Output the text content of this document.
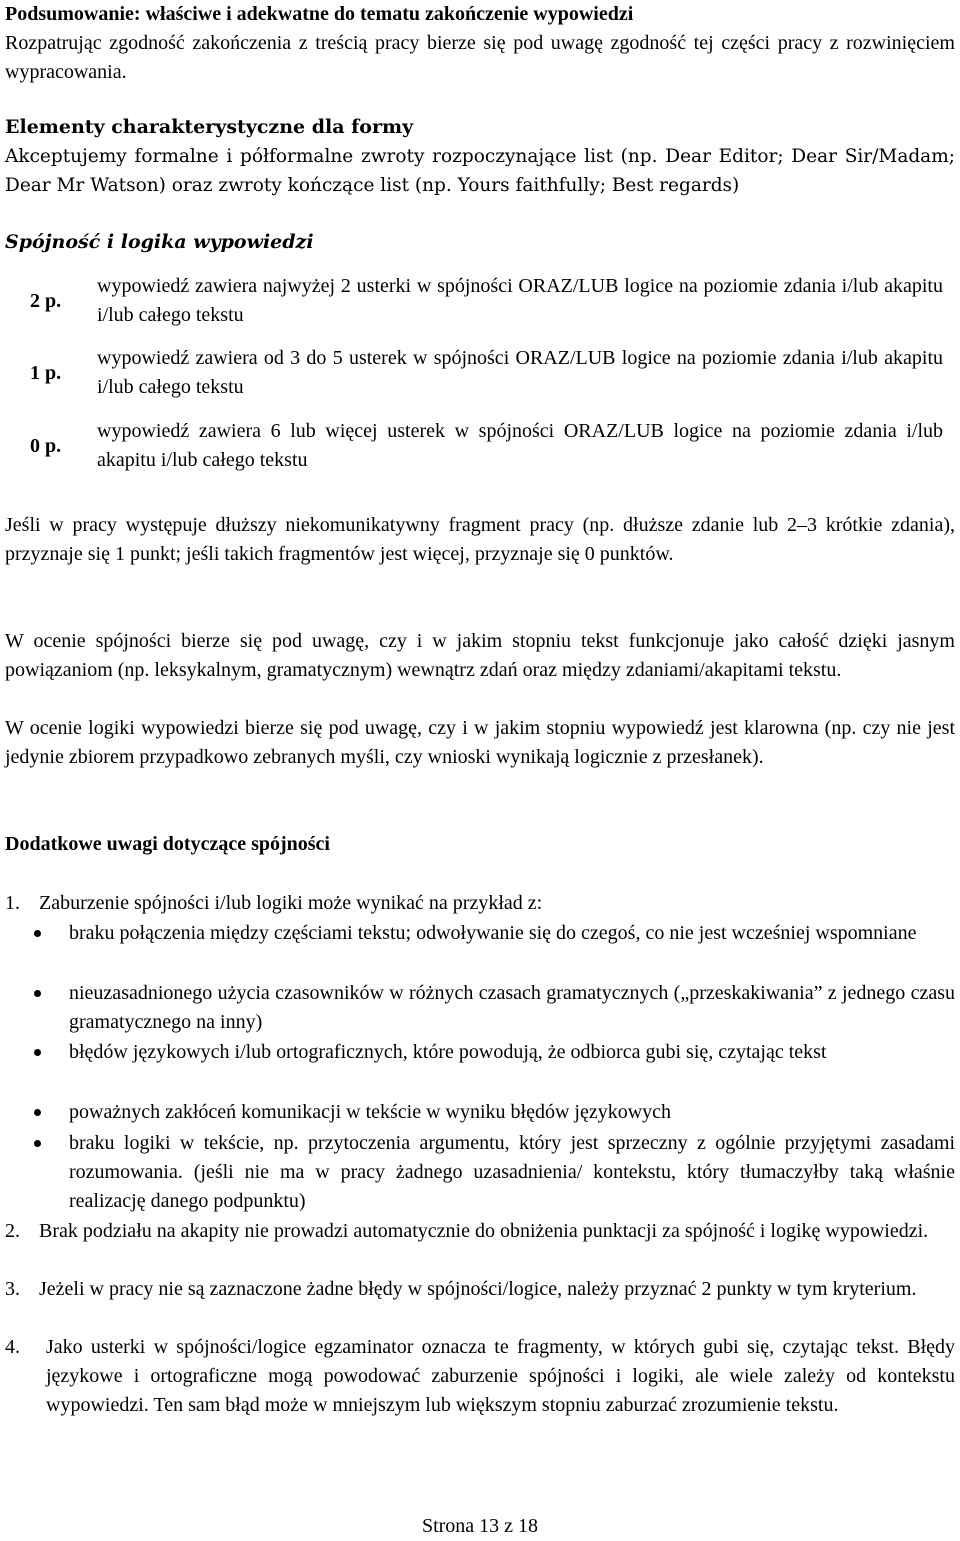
Podsumowanie: właściwe i adekwatne do tematu zakończenie wypowiedzi

Rozpatrując zgodność zakończenia z treścią pracy bierze się pod uwagę zgodność tej części pracy z rozwinięciem wypracowania.

Elementy charakterystyczne dla formy

Akceptujemy formalne i półformalne zwroty rozpoczynające list (np. Dear Editor; Dear Sir/Madam; Dear Mr Watson) oraz zwroty kończące list (np. Yours faithfully; Best regards)

Spójność i logika wypowiedzi

2 p.
wypowiedź zawiera najwyżej 2 usterki w spójności ORAZ/LUB logice na poziomie zdania i/lub akapitu i/lub całego tekstu
1 p.
wypowiedź zawiera od 3 do 5 usterek w spójności ORAZ/LUB logice na poziomie zdania i/lub akapitu i/lub całego tekstu
0 p.
wypowiedź zawiera 6 lub więcej usterek w spójności ORAZ/LUB logice na poziomie zdania i/lub akapitu i/lub całego tekstu

Jeśli w pracy występuje dłuższy niekomunikatywny fragment pracy (np. dłuższe zdanie lub 2–3 krótkie zdania), przyznaje się 1 punkt; jeśli takich fragmentów jest więcej, przyznaje się 0 punktów.

W ocenie spójności bierze się pod uwagę, czy i w jakim stopniu tekst funkcjonuje jako całość dzięki jasnym powiązaniom (np. leksykalnym, gramatycznym) wewnątrz zdań oraz między zdaniami/akapitami tekstu.

W ocenie logiki wypowiedzi bierze się pod uwagę, czy i w jakim stopniu wypowiedź jest klarowna (np. czy nie jest jedynie zbiorem przypadkowo zebranych myśli, czy wnioski wynikają logicznie z przesłanek).

Dodatkowe uwagi dotyczące spójności

1. Zaburzenie spójności i/lub logiki może wynikać na przykład z:
braku połączenia między częściami tekstu; odwoływanie się do czegoś, co nie jest wcześniej wspomniane
nieuzasadnionego użycia czasowników w różnych czasach gramatycznych („przeskakiwania” z jednego czasu gramatycznego na inny)
błędów językowych i/lub ortograficznych, które powodują, że odbiorca gubi się, czytając tekst
poważnych zakłóceń komunikacji w tekście w wyniku błędów językowych
braku logiki w tekście, np. przytoczenia argumentu, który jest sprzeczny z ogólnie przyjętymi zasadami rozumowania. (jeśli nie ma w pracy żadnego uzasadnienia/ kontekstu, który tłumaczyłby taką właśnie realizację danego podpunktu)
2. Brak podziału na akapity nie prowadzi automatycznie do obniżenia punktacji za spójność i logikę wypowiedzi.
3. Jeżeli w pracy nie są zaznaczone żadne błędy w spójności/logice, należy przyznać 2 punkty w tym kryterium.
4. Jako usterki w spójności/logice egzaminator oznacza te fragmenty, w których gubi się, czytając tekst. Błędy językowe i ortograficzne mogą powodować zaburzenie spójności i logiki, ale wiele zależy od kontekstu wypowiedzi. Ten sam błąd może w mniejszym lub większym stopniu zaburzać zrozumienie tekstu.
Strona 13 z 18
